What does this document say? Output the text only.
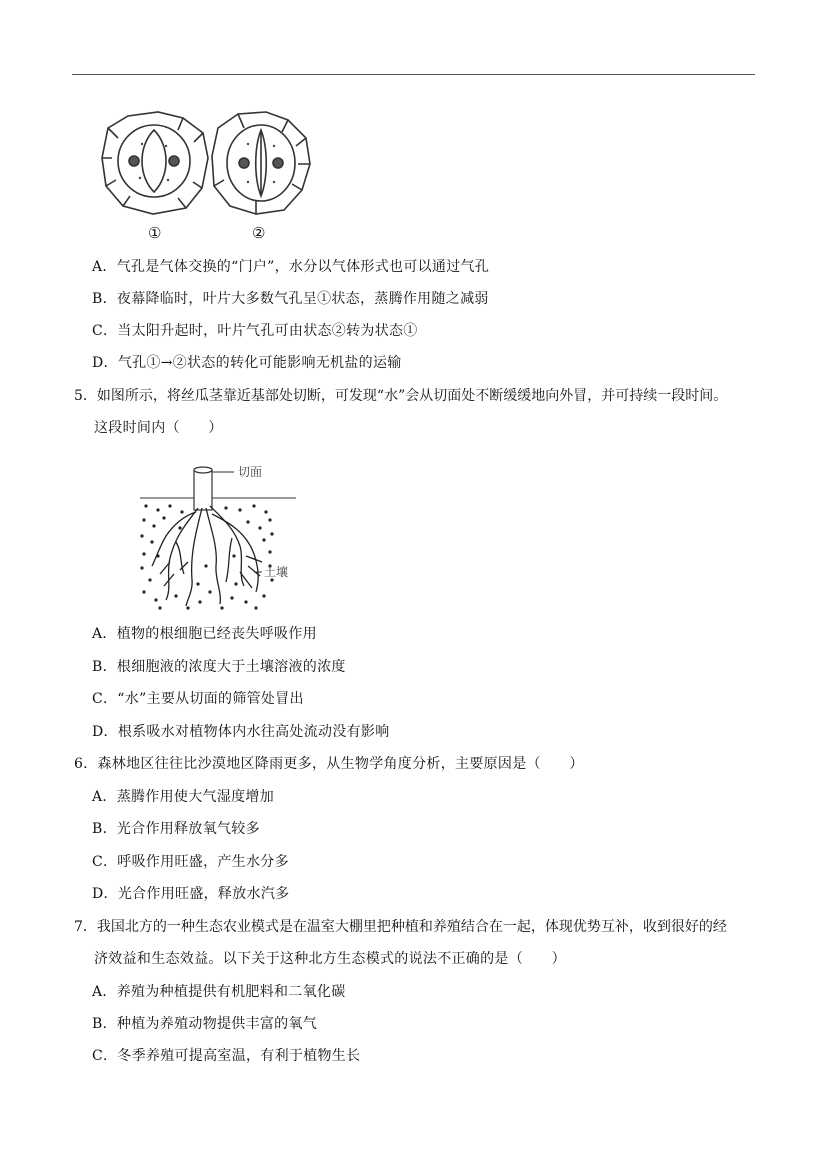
①	②
A．气孔是气体交换的“门户”，水分以气体形式也可以通过气孔
B．夜幕降临时，叶片大多数气孔呈①状态，蒸腾作用随之减弱
C．当太阳升起时，叶片气孔可由状态②转为状态①
D．气孔①→②状态的转化可能影响无机盐的运输
5．如图所示，将丝瓜茎靠近基部处切断，可发现“水”会从切面处不断缓缓地向外冒，并可持续一段时间。
这段时间内（　　）
切面
土壤
A．植物的根细胞已经丧失呼吸作用
B．根细胞液的浓度大于土壤溶液的浓度
C．“水”主要从切面的筛管处冒出
D．根系吸水对植物体内水往高处流动没有影响
6．森林地区往往比沙漠地区降雨更多，从生物学角度分析，主要原因是（　　）
A．蒸腾作用使大气湿度增加
B．光合作用释放氧气较多
C．呼吸作用旺盛，产生水分多
D．光合作用旺盛，释放水汽多
7．我国北方的一种生态农业模式是在温室大棚里把种植和养殖结合在一起，体现优势互补，收到很好的经
济效益和生态效益。以下关于这种北方生态模式的说法不正确的是（　　）
A．养殖为种植提供有机肥料和二氧化碳
B．种植为养殖动物提供丰富的氧气
C．冬季养殖可提高室温，有利于植物生长
